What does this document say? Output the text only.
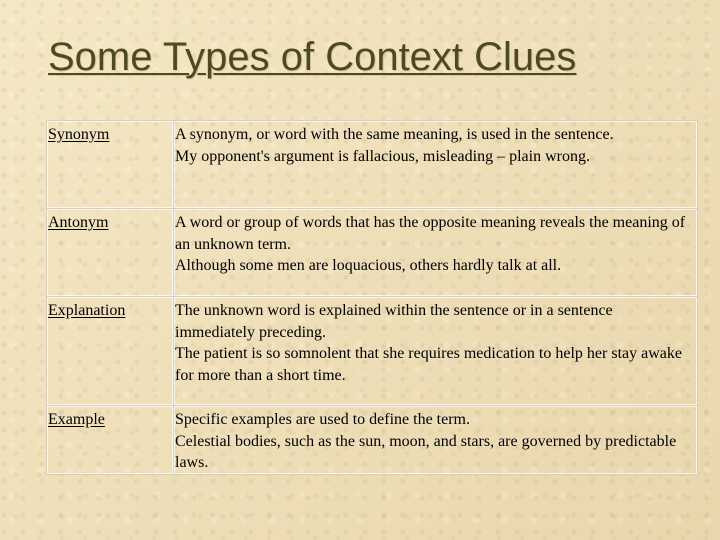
Some Types of Context Clues
Synonym	A synonym, or word with the same meaning, is used in the sentence.
My opponent's argument is fallacious, misleading – plain wrong.

Antonym	A word or group of words that has the opposite meaning reveals the meaning of an unknown term.
Although some men are loquacious, others hardly talk at all.

Explanation	The unknown word is explained within the sentence or in a sentence immediately preceding.
The patient is so somnolent that she requires medication to help her stay awake for more than a short time.

Example	Specific examples are used to define the term.
Celestial bodies, such as the sun, moon, and stars, are governed by predictable laws.
